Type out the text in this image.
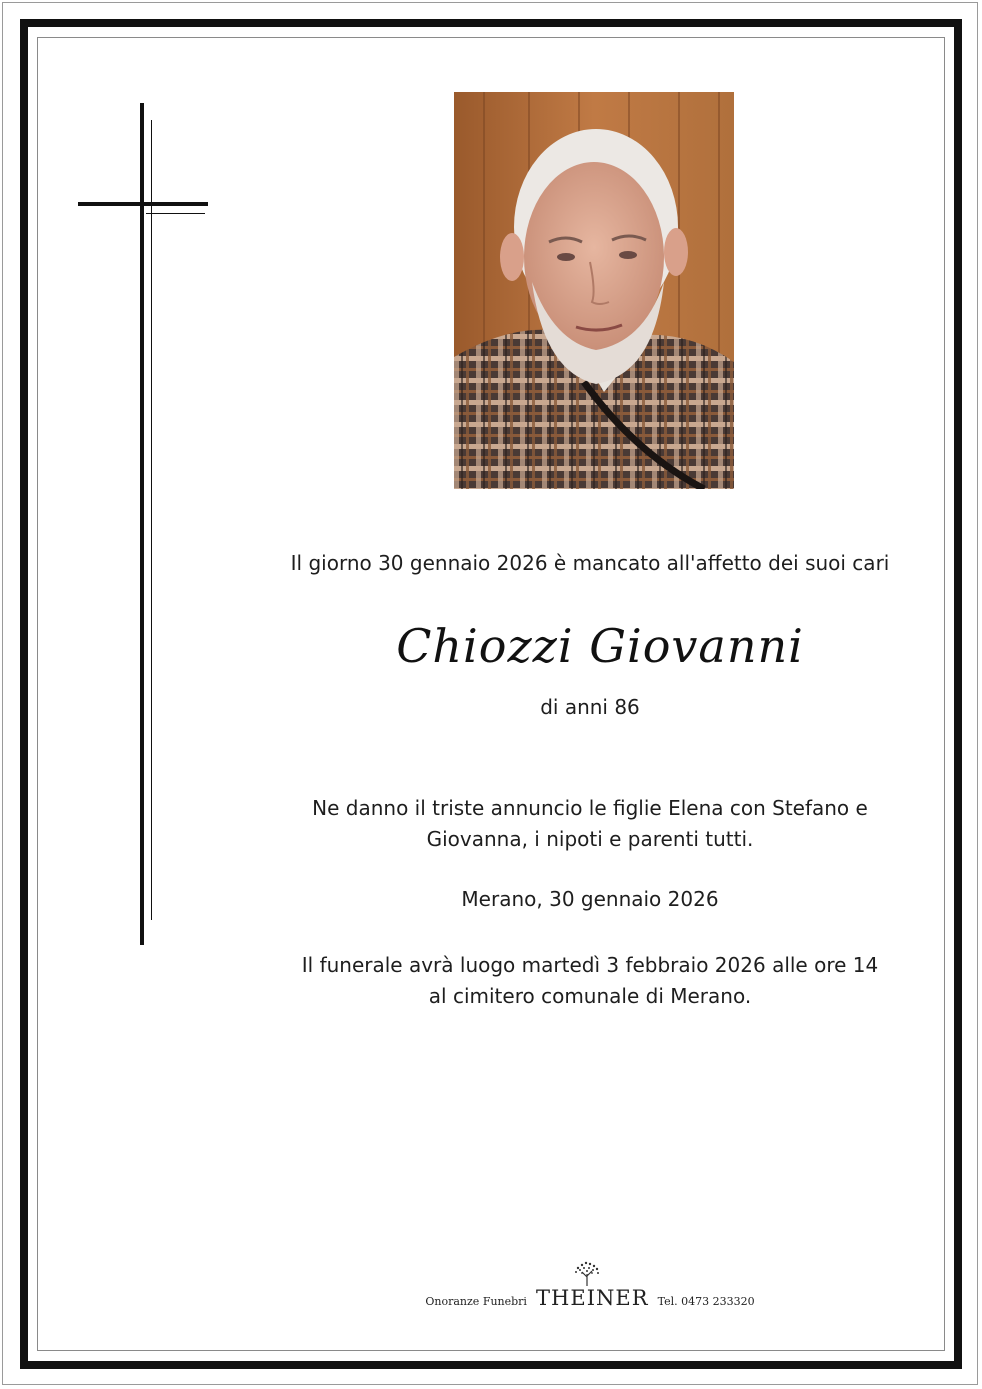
Il giorno 30 gennaio 2026 è mancato all'affetto dei suoi cari
Chiozzi Giovanni
di anni 86
Ne danno il triste annuncio le figlie Elena con Stefano e
Giovanna, i nipoti e parenti tutti.
Merano, 30 gennaio 2026
Il funerale avrà luogo martedì 3 febbraio 2026 alle ore 14
al cimitero comunale di Merano.
Onoranze Funebri THEINER Tel. 0473 233320
